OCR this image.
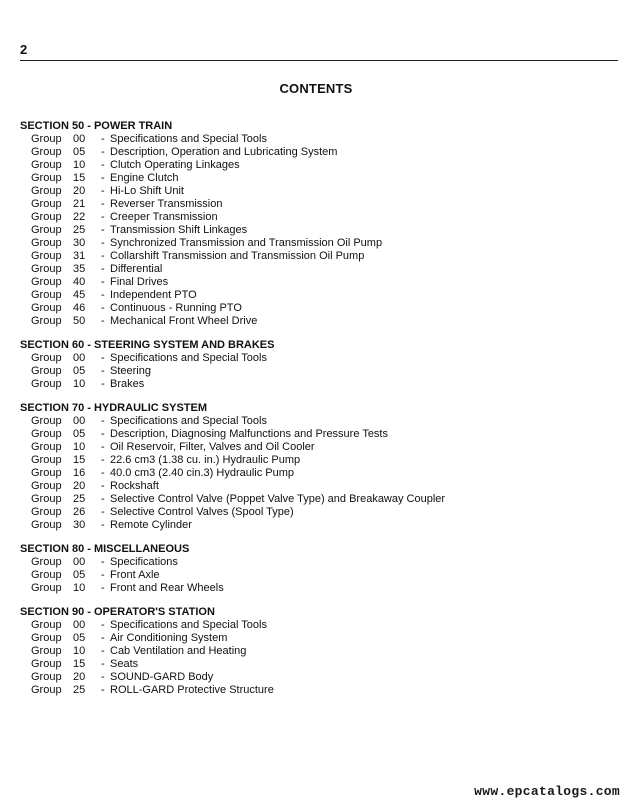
2
CONTENTS
SECTION 50 - POWER TRAIN
Group	00	- Specifications and Special Tools
Group	05	- Description, Operation and Lubricating System
Group	10	- Clutch Operating Linkages
Group	15	- Engine Clutch
Group	20	- Hi-Lo Shift Unit
Group	21	- Reverser Transmission
Group	22	- Creeper Transmission
Group	25	- Transmission Shift Linkages
Group	30	- Synchronized Transmission and Transmission Oil Pump
Group	31	- Collarshift Transmission and Transmission Oil Pump
Group	35	- Differential
Group	40	- Final Drives
Group	45	- Independent PTO
Group	46	- Continuous - Running PTO
Group	50	- Mechanical Front Wheel Drive
SECTION 60 - STEERING SYSTEM AND BRAKES
Group	00	- Specifications and Special Tools
Group	05	- Steering
Group	10	- Brakes
SECTION 70 - HYDRAULIC SYSTEM
Group	00	- Specifications and Special Tools
Group	05	- Description, Diagnosing Malfunctions and Pressure Tests
Group	10	- Oil Reservoir, Filter, Valves and Oil Cooler
Group	15	- 22.6 cm3 (1.38 cu. in.) Hydraulic Pump
Group	16	- 40.0 cm3 (2.40 cin.3) Hydraulic Pump
Group	20	- Rockshaft
Group	25	- Selective Control Valve (Poppet Valve Type) and Breakaway Coupler
Group	26	- Selective Control Valves (Spool Type)
Group	30	- Remote Cylinder
SECTION 80 - MISCELLANEOUS
Group	00	- Specifications
Group	05	- Front Axle
Group	10	- Front and Rear Wheels
SECTION 90 - OPERATOR'S STATION
Group	00	- Specifications and Special Tools
Group	05	- Air Conditioning System
Group	10	- Cab Ventilation and Heating
Group	15	- Seats
Group	20	- SOUND-GARD Body
Group	25	- ROLL-GARD Protective Structure
www.epcatalogs.com
